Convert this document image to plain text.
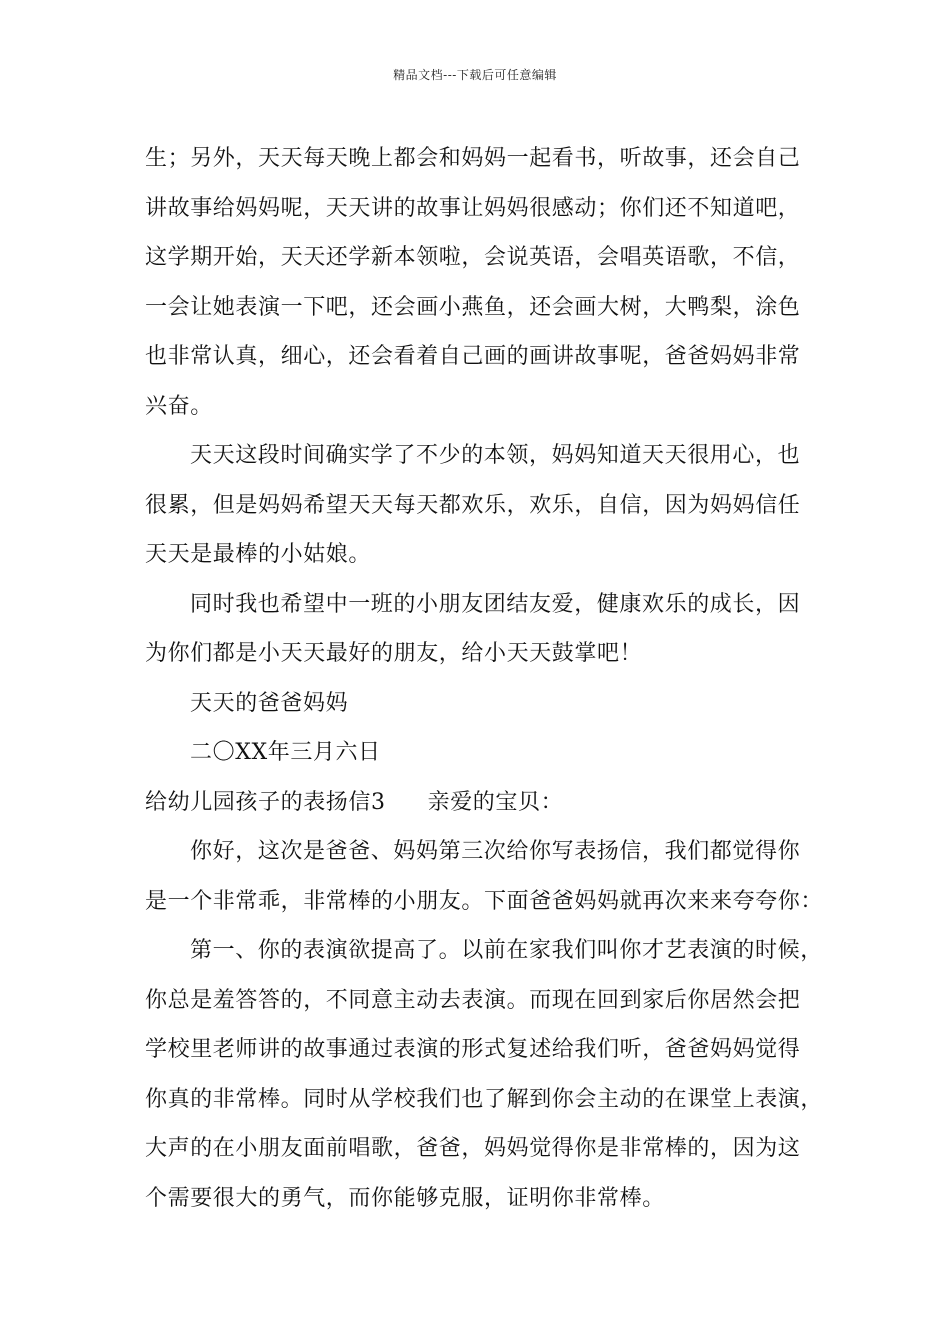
精品文档---下载后可任意编辑
生；另外，天天每天晚上都会和妈妈一起看书，听故事，还会自己
讲故事给妈妈呢，天天讲的故事让妈妈很感动；你们还不知道吧，
这学期开始，天天还学新本领啦，会说英语，会唱英语歌，不信，
一会让她表演一下吧，还会画小燕鱼，还会画大树，大鸭梨，涂色
也非常认真，细心，还会看着自己画的画讲故事呢，爸爸妈妈非常
兴奋。
天天这段时间确实学了不少的本领，妈妈知道天天很用心，也
很累，但是妈妈希望天天每天都欢乐，欢乐，自信，因为妈妈信任
天天是最棒的小姑娘。
同时我也希望中一班的小朋友团结友爱，健康欢乐的成长，因
为你们都是小天天最好的朋友，给小天天鼓掌吧！
天天的爸爸妈妈
二〇XX年三月六日
给幼儿园孩子的表扬信3 亲爱的宝贝：
你好，这次是爸爸、妈妈第三次给你写表扬信，我们都觉得你
是一个非常乖，非常棒的小朋友。下面爸爸妈妈就再次来来夸夸你：
第一、你的表演欲提高了。以前在家我们叫你才艺表演的时候，
你总是羞答答的，不同意主动去表演。而现在回到家后你居然会把
学校里老师讲的故事通过表演的形式复述给我们听，爸爸妈妈觉得
你真的非常棒。同时从学校我们也了解到你会主动的在课堂上表演，
大声的在小朋友面前唱歌，爸爸，妈妈觉得你是非常棒的，因为这
个需要很大的勇气，而你能够克服，证明你非常棒。
